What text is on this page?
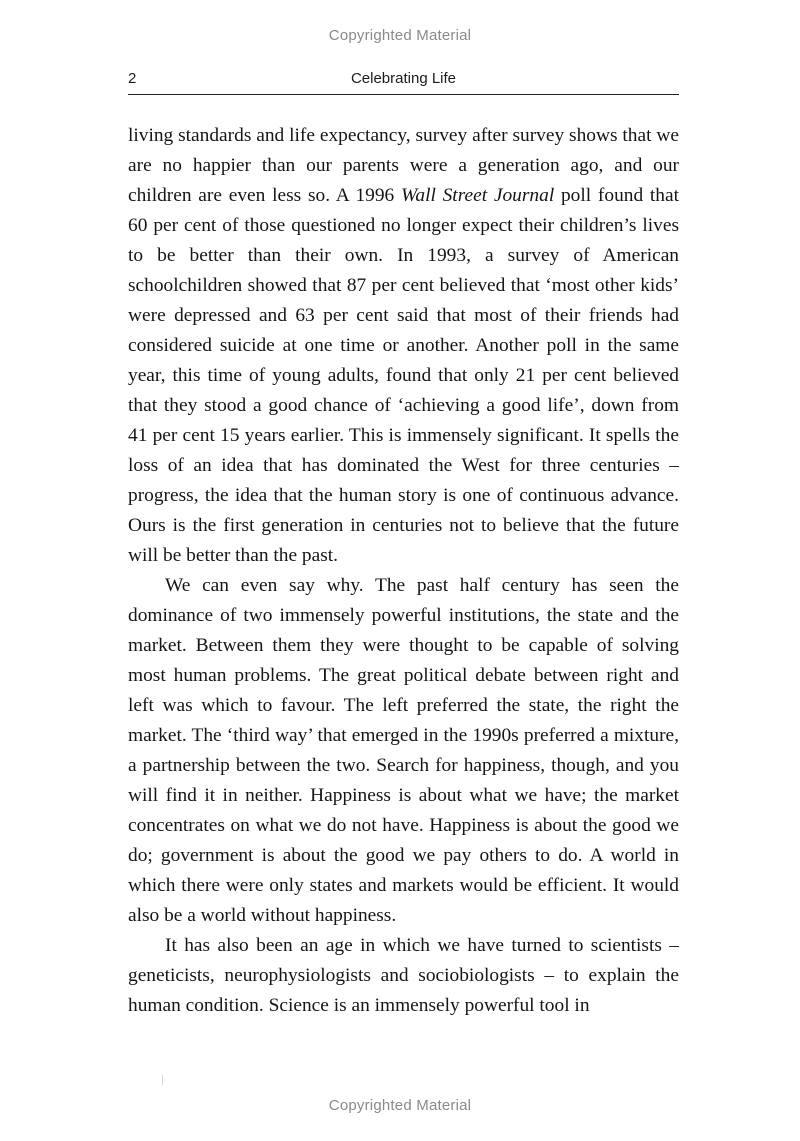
Copyrighted Material
2	Celebrating Life

living standards and life expectancy, survey after survey shows that we are no happier than our parents were a generation ago, and our children are even less so. A 1996 Wall Street Journal poll found that 60 per cent of those questioned no longer expect their children’s lives to be better than their own. In 1993, a survey of American schoolchildren showed that 87 per cent believed that ‘most other kids’ were depressed and 63 per cent said that most of their friends had considered suicide at one time or another. Another poll in the same year, this time of young adults, found that only 21 per cent believed that they stood a good chance of ‘achieving a good life’, down from 41 per cent 15 years earlier. This is immensely significant. It spells the loss of an idea that has dominated the West for three centuries – progress, the idea that the human story is one of continuous advance. Ours is the first generation in centuries not to believe that the future will be better than the past.

We can even say why. The past half century has seen the dominance of two immensely powerful institutions, the state and the market. Between them they were thought to be capable of solving most human problems. The great political debate between right and left was which to favour. The left preferred the state, the right the market. The ‘third way’ that emerged in the 1990s preferred a mixture, a partnership between the two. Search for happiness, though, and you will find it in neither. Happiness is about what we have; the market concentrates on what we do not have. Happiness is about the good we do; government is about the good we pay others to do. A world in which there were only states and markets would be efficient. It would also be a world without happiness.

It has also been an age in which we have turned to scientists – geneticists, neurophysiologists and sociobiologists – to explain the human condition. Science is an immensely powerful tool in

Copyrighted Material
